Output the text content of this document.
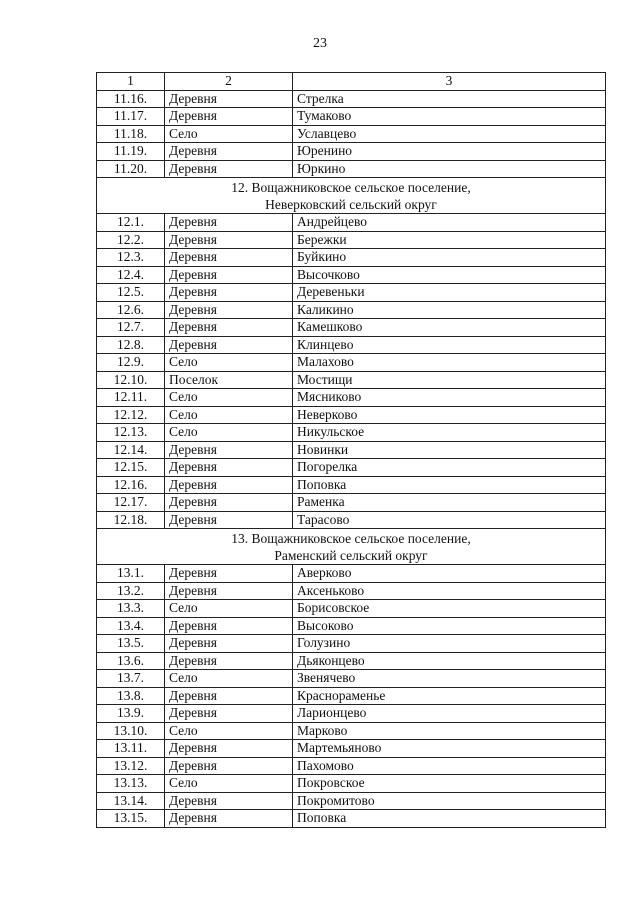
23
1	2	3
11.16.	Деревня	Стрелка
11.17.	Деревня	Тумаково
11.18.	Село	Уславцево
11.19.	Деревня	Юренино
11.20.	Деревня	Юркино

12. Вощажниковское сельское поселение,
Неверковский сельский округ		

12.1.	Деревня	Андрейцево
12.2.	Деревня	Бережки
12.3.	Деревня	Буйкино
12.4.	Деревня	Высочково
12.5.	Деревня	Деревеньки
12.6.	Деревня	Каликино
12.7.	Деревня	Камешково
12.8.	Деревня	Клинцево
12.9.	Село	Малахово
12.10.	Поселок	Мостищи
12.11.	Село	Мясниково
12.12.	Село	Неверково
12.13.	Село	Никульское
12.14.	Деревня	Новинки
12.15.	Деревня	Погорелка
12.16.	Деревня	Поповка
12.17.	Деревня	Раменка
12.18.	Деревня	Тарасово

13. Вощажниковское сельское поселение,
Раменский сельский округ		

13.1.	Деревня	Аверково
13.2.	Деревня	Аксеньково
13.3.	Село	Борисовское
13.4.	Деревня	Высоково
13.5.	Деревня	Голузино
13.6.	Деревня	Дьяконцево
13.7.	Село	Звенячево
13.8.	Деревня	Краснораменье
13.9.	Деревня	Ларионцево
13.10.	Село	Марково
13.11.	Деревня	Мартемьяново
13.12.	Деревня	Пахомово
13.13.	Село	Покровское
13.14.	Деревня	Покромитово
13.15.	Деревня	Поповка
